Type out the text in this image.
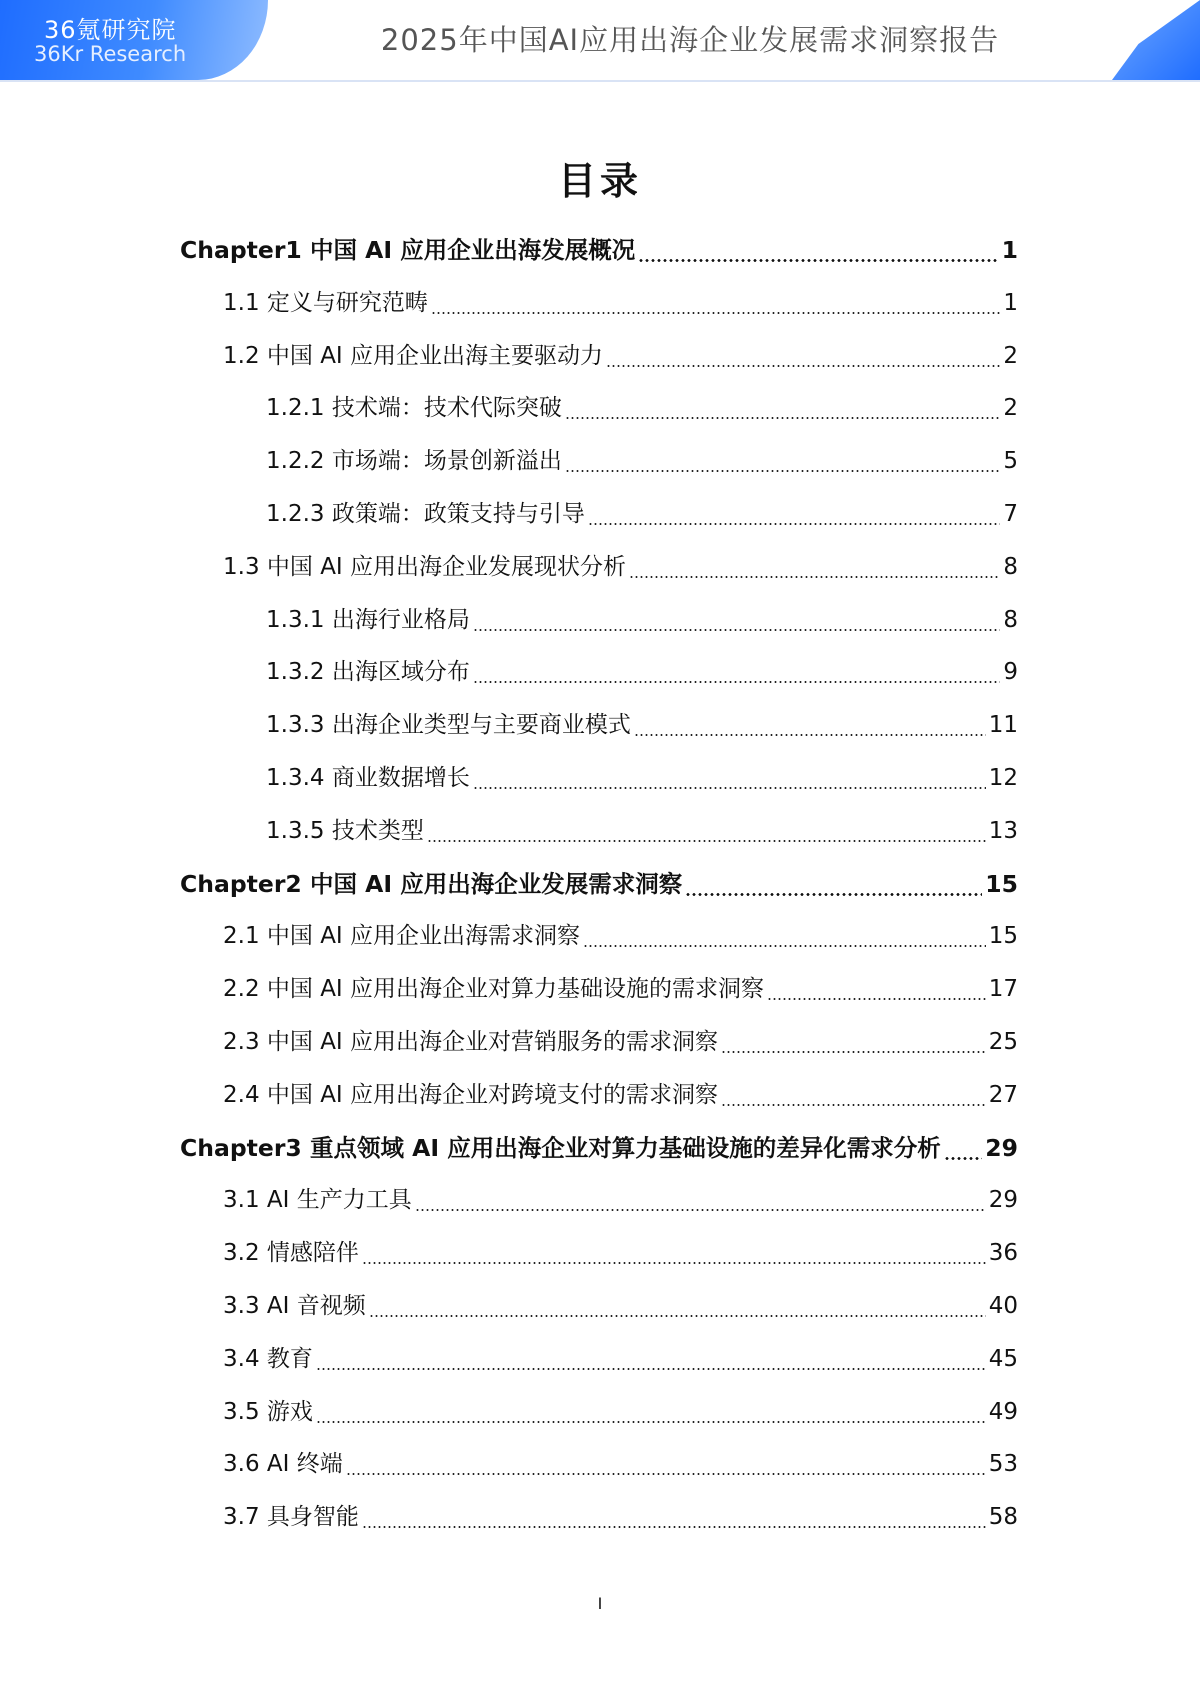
36氪研究院
36Kr Research	2025年中国AI应用出海企业发展需求洞察报告
目录
Chapter1 中国 AI 应用企业出海发展概况	1
1.1 定义与研究范畴	1
1.2 中国 AI 应用企业出海主要驱动力	2
1.2.1 技术端：技术代际突破	2
1.2.2 市场端：场景创新溢出	5
1.2.3 政策端：政策支持与引导	7
1.3 中国 AI 应用出海企业发展现状分析	8
1.3.1 出海行业格局	8
1.3.2 出海区域分布	9
1.3.3 出海企业类型与主要商业模式	11
1.3.4 商业数据增长	12
1.3.5 技术类型	13
Chapter2 中国 AI 应用出海企业发展需求洞察	15
2.1 中国 AI 应用企业出海需求洞察	15
2.2 中国 AI 应用出海企业对算力基础设施的需求洞察	17
2.3 中国 AI 应用出海企业对营销服务的需求洞察	25
2.4 中国 AI 应用出海企业对跨境支付的需求洞察	27
Chapter3 重点领域 AI 应用出海企业对算力基础设施的差异化需求分析 29
3.1 AI 生产力工具	29
3.2 情感陪伴	36
3.3 AI 音视频	40
3.4 教育	45
3.5 游戏	49
3.6 AI 终端	53
3.7 具身智能	58
I
